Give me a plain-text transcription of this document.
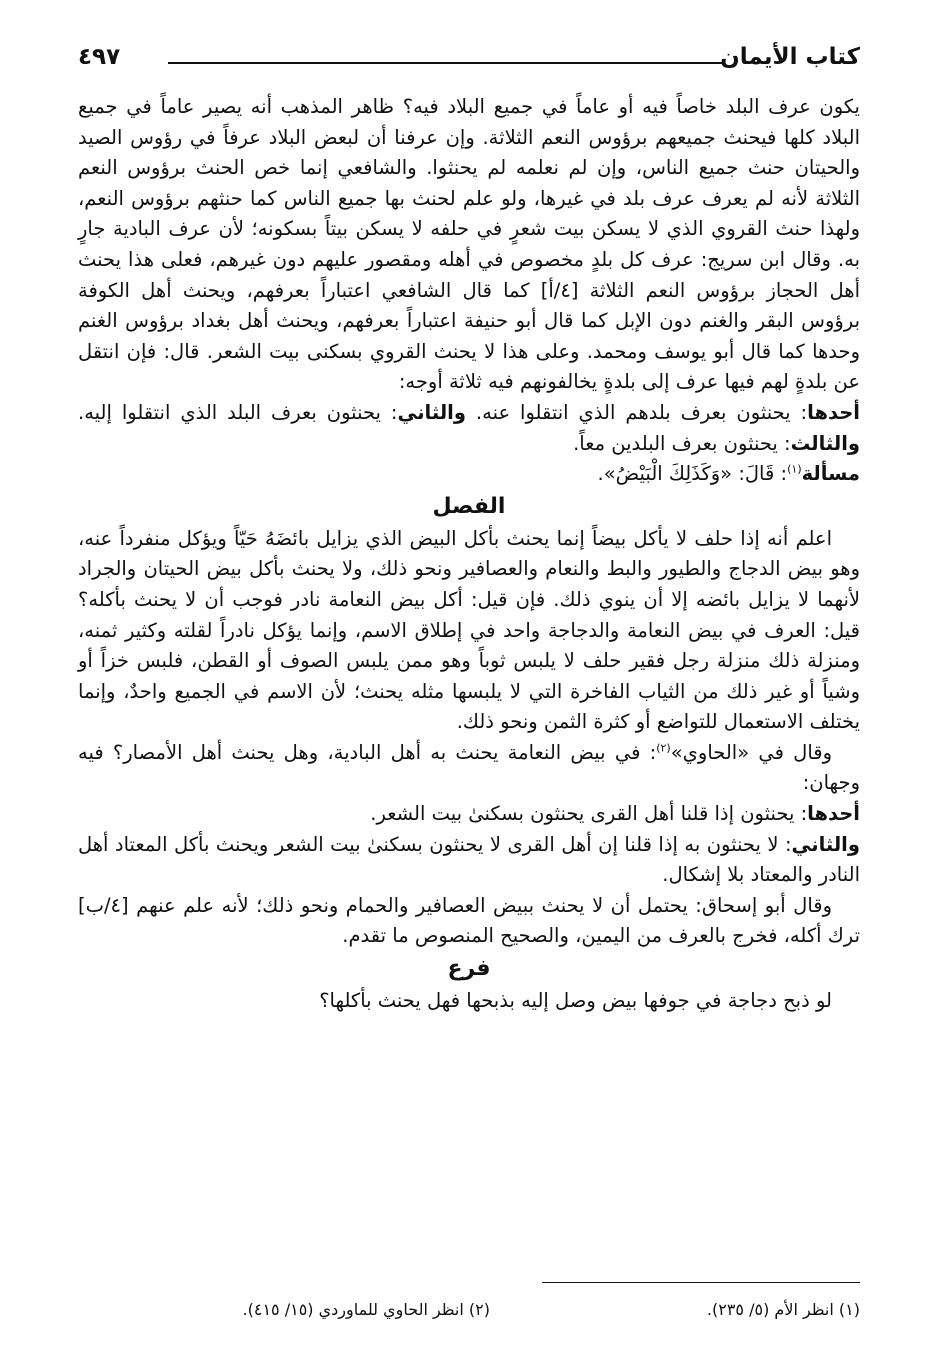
كتاب الأيمان
٤٩٧

يكون عرف البلد خاصاً فيه أو عاماً في جميع البلاد فيه؟ ظاهر المذهب أنه يصير عاماً في جميع البلاد كلها فيحنث جميعهم برؤوس النعم الثلاثة. وإن عرفنا أن لبعض البلاد عرفاً في رؤوس الصيد والحيتان حنث جميع الناس، وإن لم نعلمه لم يحنثوا. والشافعي إنما خص الحنث برؤوس النعم الثلاثة لأنه لم يعرف عرف بلد في غيرها، ولو علم لحنث بها جميع الناس كما حنثهم برؤوس النعم، ولهذا حنث القروي الذي لا يسكن بيت شعرٍ في حلفه لا يسكن بيتاً بسكونه؛ لأن عرف البادية جارٍ به. وقال ابن سريج: عرف كل بلدٍ مخصوص في أهله ومقصور عليهم دون غيرهم، فعلى هذا يحنث أهل الحجاز برؤوس النعم الثلاثة [٤/أ] كما قال الشافعي اعتباراً بعرفهم، ويحنث أهل الكوفة برؤوس البقر والغنم دون الإبل كما قال أبو حنيفة اعتباراً بعرفهم، ويحنث أهل بغداد برؤوس الغنم وحدها كما قال أبو يوسف ومحمد. وعلى هذا لا يحنث القروي بسكنى بيت الشعر. قال: فإن انتقل عن بلدةٍ لهم فيها عرف إلى بلدةٍ يخالفونهم فيه ثلاثة أوجه:

أحدها: يحنثون بعرف بلدهم الذي انتقلوا عنه. والثاني: يحنثون بعرف البلد الذي انتقلوا إليه. والثالث: يحنثون بعرف البلدين معاً.

مسألة$^{(١)}$: قَالَ: «وَكَذَلِكَ الْبَيْضُ».

الفصل

اعلم أنه إذا حلف لا يأكل بيضاً إنما يحنث بأكل البيض الذي يزايل بائضَهُ حَيّاً ويؤكل منفرداً عنه، وهو بيض الدجاج والطيور والبط والنعام والعصافير ونحو ذلك، ولا يحنث بأكل بيض الحيتان والجراد لأنهما لا يزايل بائضه إلا أن ينوي ذلك. فإن قيل: أكل بيض النعامة نادر فوجب أن لا يحنث بأكله؟ قيل: العرف في بيض النعامة والدجاجة واحد في إطلاق الاسم، وإنما يؤكل نادراً لقلته وكثير ثمنه، ومنزلة ذلك منزلة رجل فقير حلف لا يلبس ثوباً وهو ممن يلبس الصوف أو القطن، فلبس خزاً أو وشياً أو غير ذلك من الثياب الفاخرة التي لا يلبسها مثله يحنث؛ لأن الاسم في الجميع واحدٌ، وإنما يختلف الاستعمال للتواضع أو كثرة الثمن ونحو ذلك.

وقال في «الحاوي»$^{(٢)}$: في بيض النعامة يحنث به أهل البادية، وهل يحنث أهل الأمصار؟ فيه وجهان:

أحدها: يحنثون إذا قلنا أهل القرى يحنثون بسكنىٰ بيت الشعر.

والثاني: لا يحنثون به إذا قلنا إن أهل القرى لا يحنثون بسكنىٰ بيت الشعر ويحنث بأكل المعتاد أهل النادر والمعتاد بلا إشكال.

وقال أبو إسحاق: يحتمل أن لا يحنث ببيض العصافير والحمام ونحو ذلك؛ لأنه علم عنهم [٤/ب] ترك أكله، فخرج بالعرف من اليمين، والصحيح المنصوص ما تقدم.

فرع

لو ذبح دجاجة في جوفها بيض وصل إليه بذبحها فهل يحنث بأكلها؟

(١) انظر الأم (٥/ ٢٣٥).
(٢) انظر الحاوي للماوردي (١٥/ ٤١٥).
